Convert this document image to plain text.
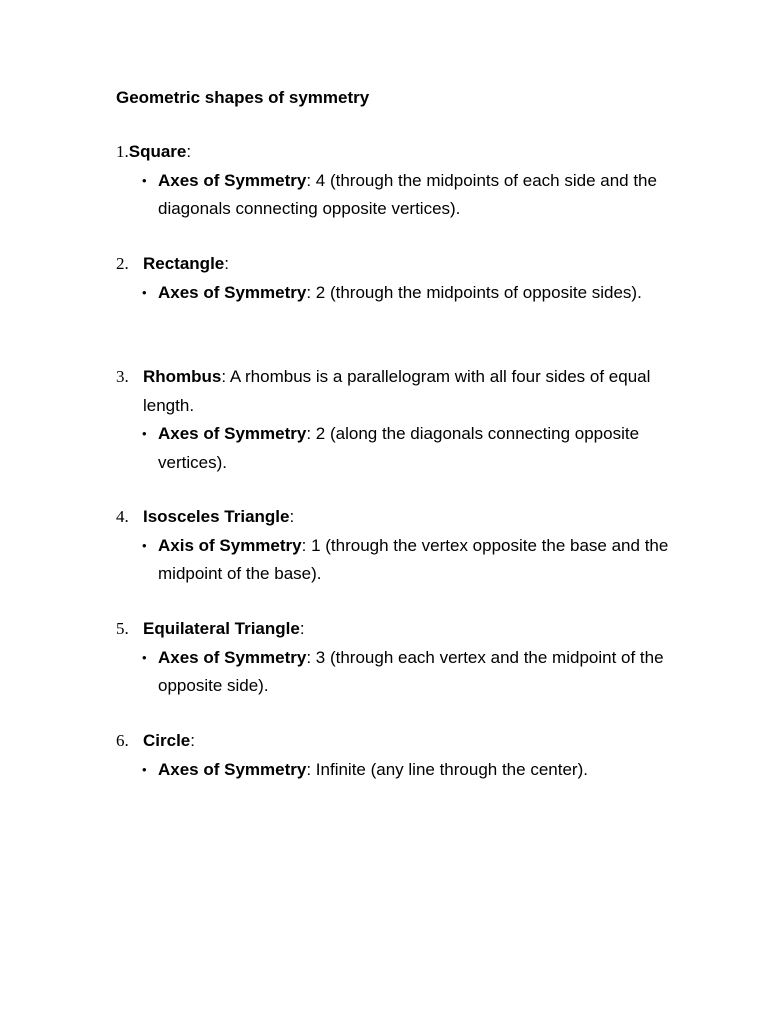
Geometric shapes of symmetry
1. Square:
• Axes of Symmetry: 4 (through the midpoints of each side and the diagonals connecting opposite vertices).
2. Rectangle:
• Axes of Symmetry: 2 (through the midpoints of opposite sides).
3. Rhombus: A rhombus is a parallelogram with all four sides of equal length.
• Axes of Symmetry: 2 (along the diagonals connecting opposite vertices).
4. Isosceles Triangle:
• Axis of Symmetry: 1 (through the vertex opposite the base and the midpoint of the base).
5. Equilateral Triangle:
• Axes of Symmetry: 3 (through each vertex and the midpoint of the opposite side).
6. Circle:
• Axes of Symmetry: Infinite (any line through the center).
